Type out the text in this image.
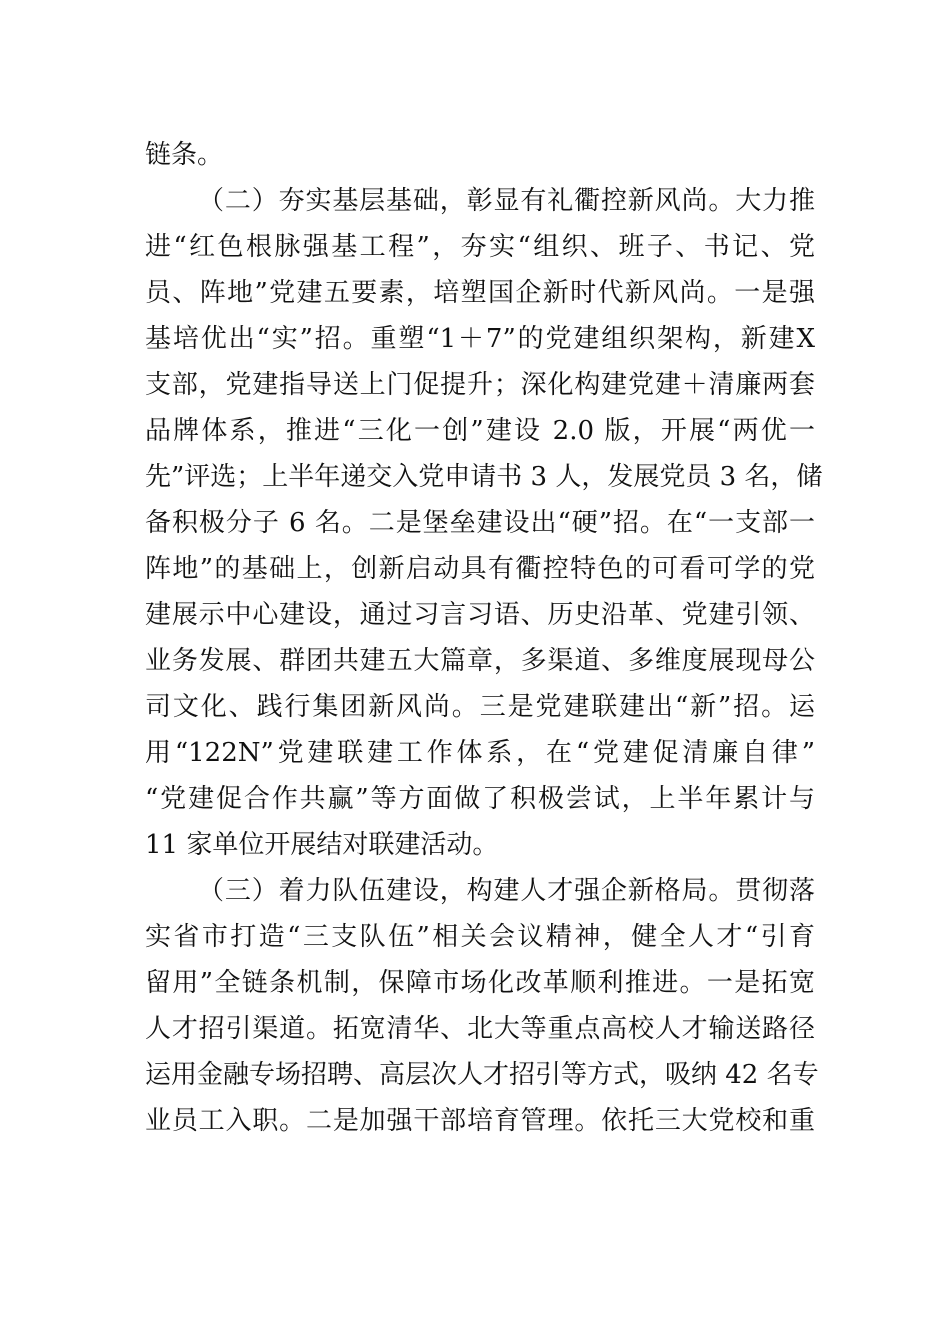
链条。

（二）夯实基层基础，彰显有礼衢控新风尚。大力推

进“红色根脉强基工程”，夯实“组织、班子、书记、党

员、阵地”党建五要素，培塑国企新时代新风尚。一是强

基培优出“实”招。重塑“1＋7”的党建组织架构，新建X

支部，党建指导送上门促提升；深化构建党建＋清廉两套

品牌体系，推进“三化一创”建设 2.0 版，开展“两优一

先”评选；上半年递交入党申请书 3 人，发展党员 3 名，储

备积极分子 6 名。二是堡垒建设出“硬”招。在“一支部一

阵地”的基础上，创新启动具有衢控特色的可看可学的党

建展示中心建设，通过习言习语、历史沿革、党建引领、

业务发展、群团共建五大篇章，多渠道、多维度展现母公

司文化、践行集团新风尚。三是党建联建出“新”招。运

用“122N”党建联建工作体系，在“党建促清廉自律”

“党建促合作共赢”等方面做了积极尝试，上半年累计与

11 家单位开展结对联建活动。

（三）着力队伍建设，构建人才强企新格局。贯彻落

实省市打造“三支队伍”相关会议精神，健全人才“引育

留用”全链条机制，保障市场化改革顺利推进。一是拓宽

人才招引渠道。拓宽清华、北大等重点高校人才输送路径

运用金融专场招聘、高层次人才招引等方式，吸纳 42 名专

业员工入职。二是加强干部培育管理。依托三大党校和重
